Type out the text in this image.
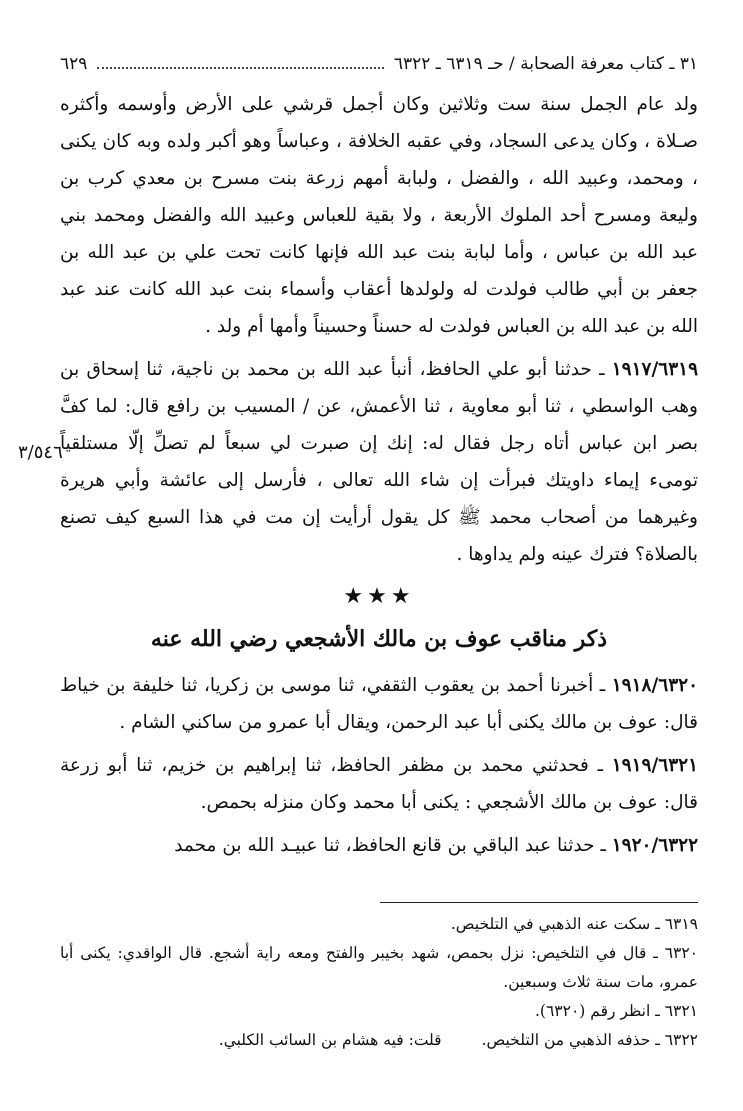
٣١ ـ كتاب معرفة الصحابة / حـ ٦٣١٩ ـ ٦٣٢٢
٦٢٩

ولد عام الجمل سنة ست وثلاثين وكان أجمل قرشي على الأرض وأوسمه وأكثره صـلاة ، وكان يدعى السجاد، وفي عقبه الخلافة ، وعباساً وهو أكبر ولده وبه كان يكنى ، ومحمد، وعبيد الله ، والفضل ، ولبابة أمهم زرعة بنت مسرح بن معدي كرب بن وليعة ومسرح أحد الملوك الأربعة ، ولا بقية للعباس وعبيد الله والفضل ومحمد بني عبد الله بن عباس ، وأما لبابة بنت عبد الله فإنها كانت تحت علي بن عبد الله بن جعفر بن أبي طالب فولدت له ولولدها أعقاب وأسماء بنت عبد الله كانت عند عبد الله بن عبد الله بن العباس فولدت له حسناً وحسيناً وأمها أم ولد .

١٩١٧/٦٣١٩ ـ حدثنا أبو علي الحافظ، أنبأ عبد الله بن محمد بن ناجية، ثنا إسحاق بن وهب الواسطي ، ثنا أبو معاوية ، ثنا الأعمش، عن / المسيب بن رافع قال: لما كفَّ بصر ابن عباس أتاه رجل فقال له: إنك إن صبرت لي سبعاً لم تصلِّ إلّا مستلقياً تومىء إيماء داويتك فبرأت إن شاء الله تعالى ، فأرسل إلى عائشة وأبي هريرة وغيرهما من أصحاب محمد ﷺ كل يقول أرأيت إن مت في هذا السبع كيف تصنع بالصلاة؟ فترك عينه ولم يداوها .

★★★
ذكر مناقب عوف بن مالك الأشجعي رضي الله عنه

١٩١٨/٦٣٢٠ ـ أخبرنا أحمد بن يعقوب الثقفي، ثنا موسى بن زكريا، ثنا خليفة بن خياط قال: عوف بن مالك يكنى أبا عبد الرحمن، ويقال أبا عمرو من ساكني الشام .

١٩١٩/٦٣٢١ ـ فحدثني محمد بن مظفر الحافظ، ثنا إبراهيم بن خزيم، ثنا أبو زرعة قال: عوف بن مالك الأشجعي : يكنى أبا محمد وكان منزله بحمص.

١٩٢٠/٦٣٢٢ ـ حدثنا عبد الباقي بن قانع الحافظ، ثنا عبيـد الله بن محمد

٣/٥٤٦

٦٣١٩ ـ سكت عنه الذهبي في التلخيص.

٦٣٢٠ ـ قال في التلخيص: نزل بحمص، شهد بخيبر والفتح ومعه راية أشجع. قال الواقدي: يكنى أبا عمرو، مات سنة ثلاث وسبعين.

٦٣٢١ ـ انظر رقم (٦٣٢٠).

٦٣٢٢ ـ حذفه الذهبي من التلخيص.
قلت: فيه هشام بن السائب الكلبي.
